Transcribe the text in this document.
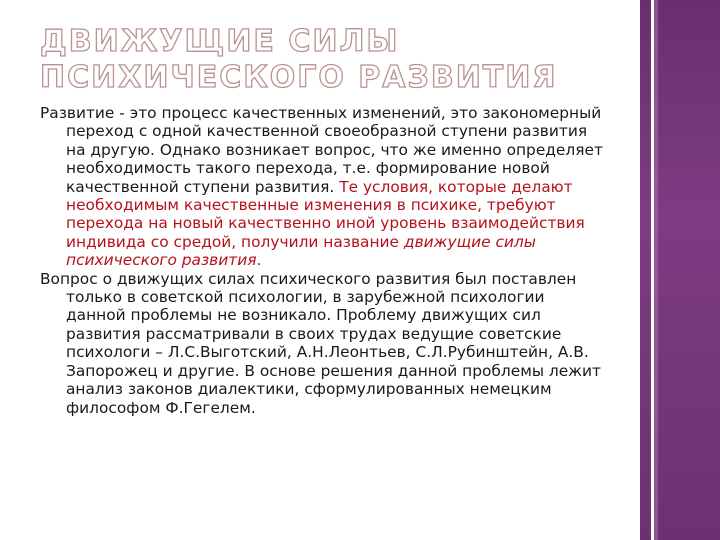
ДВИЖУЩИЕ СИЛЫ ПСИХИЧЕСКОГО РАЗВИТИЯ

Развитие - это процесс качественных изменений, это закономерный переход с одной качественной своеобразной ступени развития на другую. Однако возникает вопрос, что же именно определяет необходимость такого перехода, т.е. формирование новой качественной ступени развития. Те условия, которые делают необходимым качественные изменения в психике, требуют перехода на новый качественно иной уровень взаимодействия индивида со средой, получили название движущие силы психического развития.

Вопрос о движущих силах психического развития был поставлен только в советской психологии, в зарубежной психологии данной проблемы не возникало. Проблему движущих сил развития рассматривали в своих трудах ведущие советские психологи – Л.С.Выготский, А.Н.Леонтьев, С.Л.Рубинштейн, А.В. Запорожец и другие. В основе решения данной проблемы лежит анализ законов диалектики, сформулированных немецким философом Ф.Гегелем.
